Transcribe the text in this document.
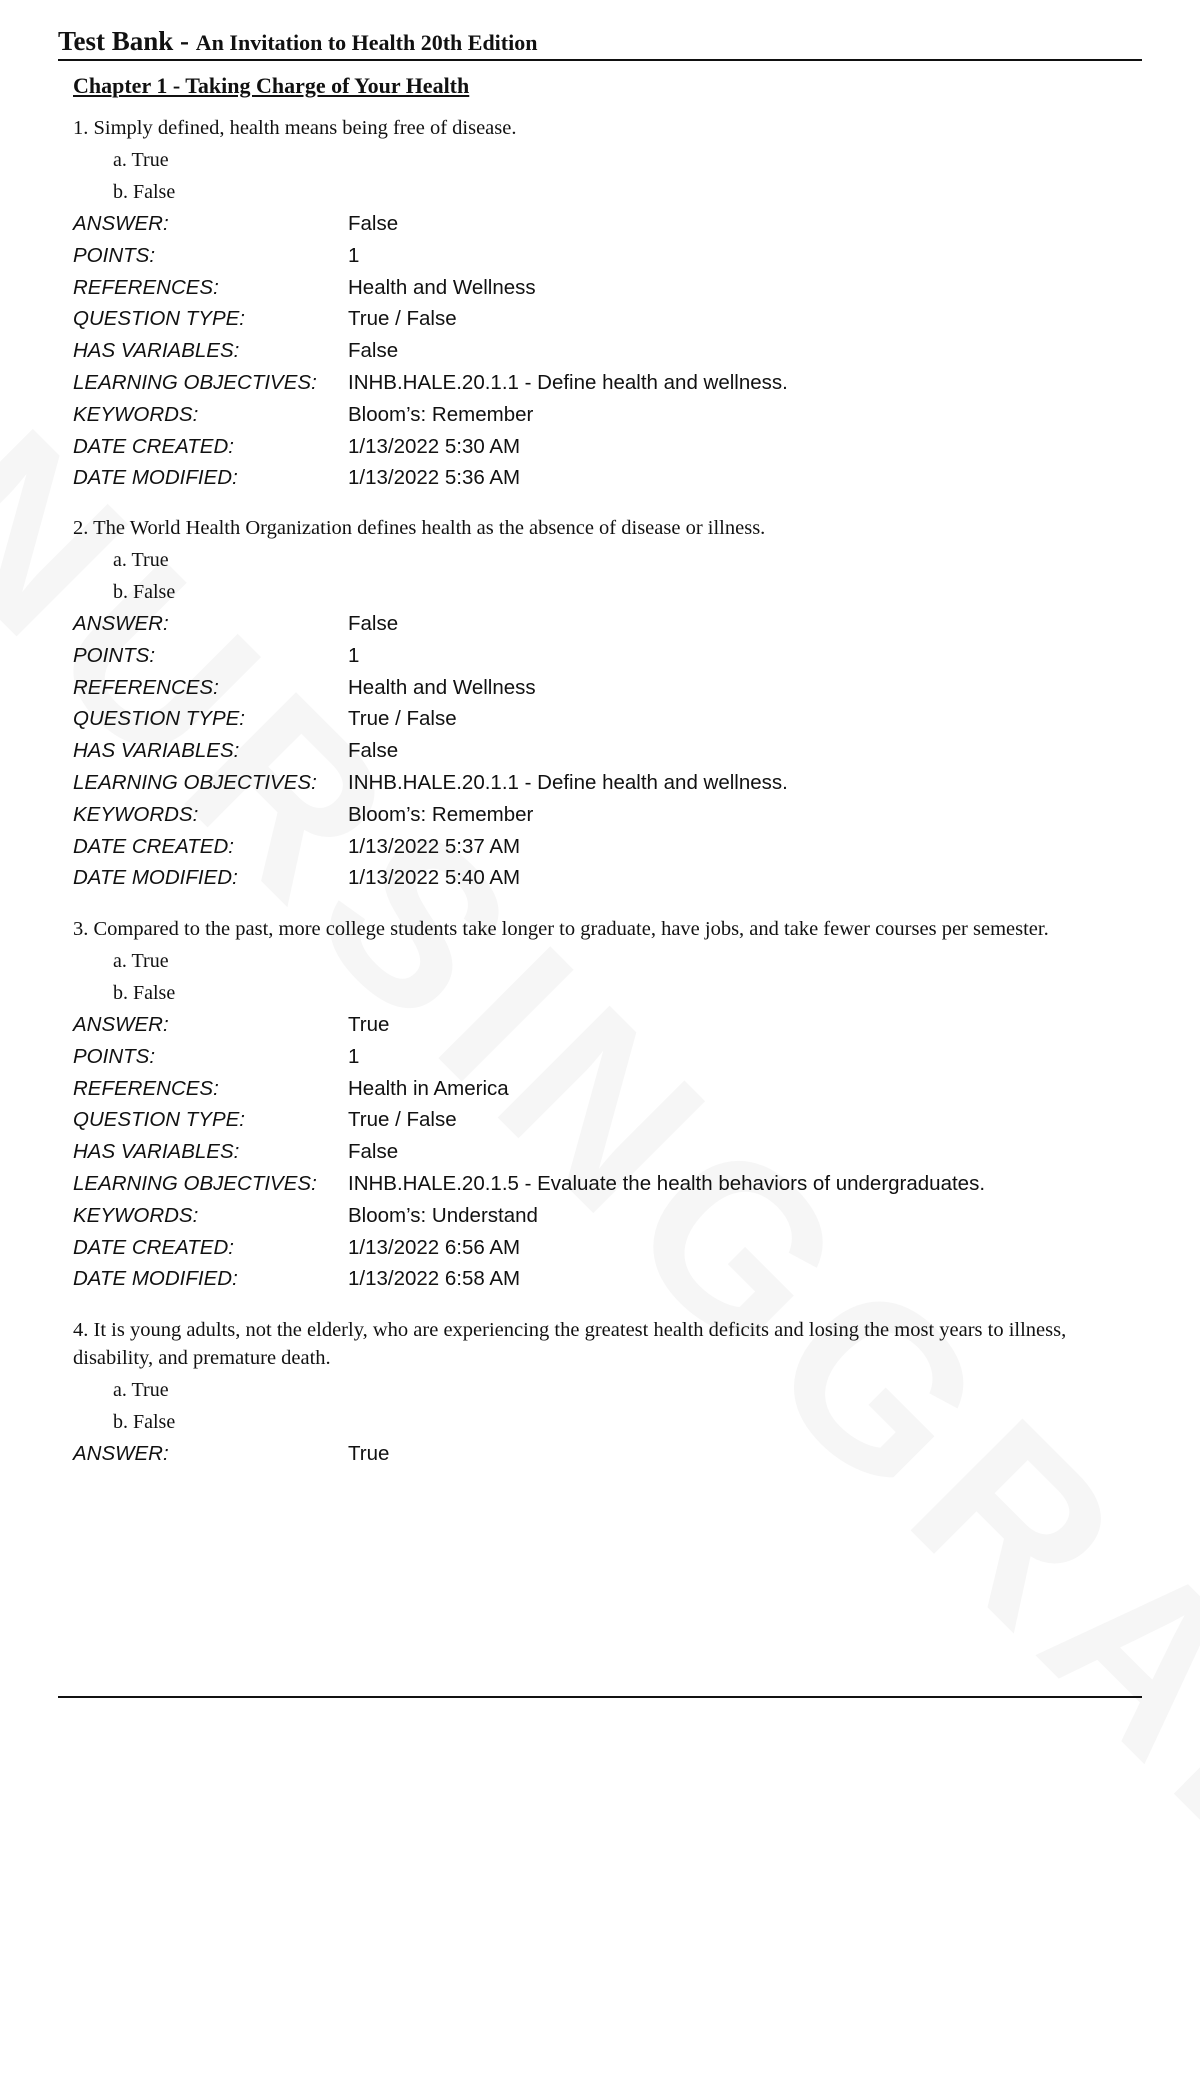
Test Bank - An Invitation to Health 20th Edition
Chapter 1 - Taking Charge of Your Health
1. Simply defined, health means being free of disease.
a. True
b. False
ANSWER:	False
POINTS:	1
REFERENCES:	Health and Wellness
QUESTION TYPE:	True / False
HAS VARIABLES:	False
LEARNING OBJECTIVES:	INHB.HALE.20.1.1 - Define health and wellness.
KEYWORDS:	Bloom’s: Remember
DATE CREATED:	1/13/2022 5:30 AM
DATE MODIFIED:	1/13/2022 5:36 AM
2. The World Health Organization defines health as the absence of disease or illness.
a. True
b. False
ANSWER:	False
POINTS:	1
REFERENCES:	Health and Wellness
QUESTION TYPE:	True / False
HAS VARIABLES:	False
LEARNING OBJECTIVES:	INHB.HALE.20.1.1 - Define health and wellness.
KEYWORDS:	Bloom’s: Remember
DATE CREATED:	1/13/2022 5:37 AM
DATE MODIFIED:	1/13/2022 5:40 AM
3. Compared to the past, more college students take longer to graduate, have jobs, and take fewer courses per semester.
a. True
b. False
ANSWER:	True
POINTS:	1
REFERENCES:	Health in America
QUESTION TYPE:	True / False
HAS VARIABLES:	False
LEARNING OBJECTIVES:	INHB.HALE.20.1.5 - Evaluate the health behaviors of undergraduates.
KEYWORDS:	Bloom’s: Understand
DATE CREATED:	1/13/2022 6:56 AM
DATE MODIFIED:	1/13/2022 6:58 AM
4. It is young adults, not the elderly, who are experiencing the greatest health deficits and losing the most years to illness, disability, and premature death.
a. True
b. False
ANSWER:	True
